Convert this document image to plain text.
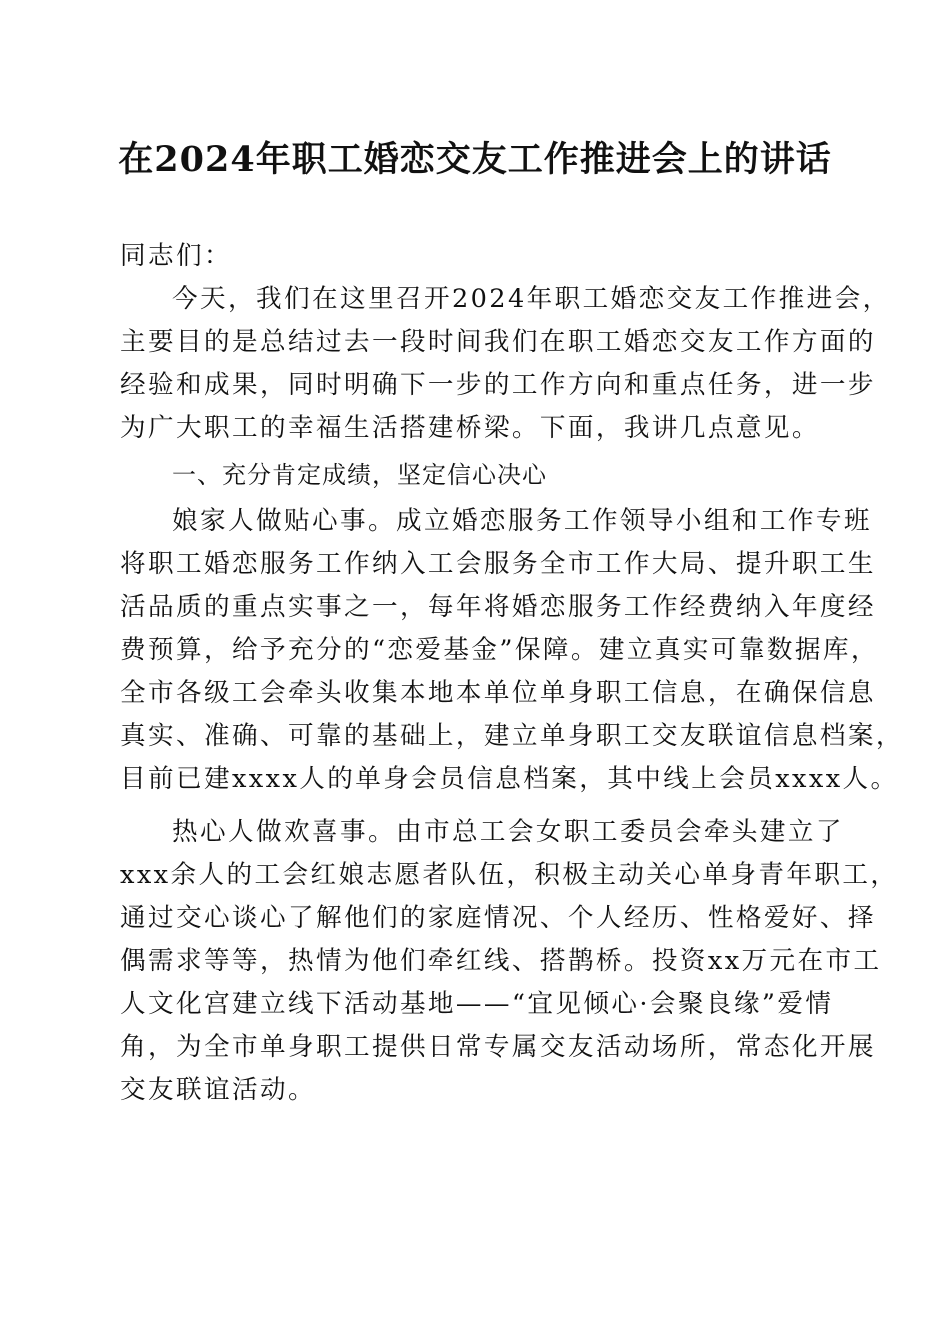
在2024年职工婚恋交友工作推进会上的讲话
同志们：
今天，我们在这里召开2024年职工婚恋交友工作推进会，
主要目的是总结过去一段时间我们在职工婚恋交友工作方面的
经验和成果，同时明确下一步的工作方向和重点任务，进一步
为广大职工的幸福生活搭建桥梁。下面，我讲几点意见。
一、充分肯定成绩，坚定信心决心
娘家人做贴心事。成立婚恋服务工作领导小组和工作专班
将职工婚恋服务工作纳入工会服务全市工作大局、提升职工生
活品质的重点实事之一，每年将婚恋服务工作经费纳入年度经
费预算，给予充分的“恋爱基金”保障。建立真实可靠数据库，
全市各级工会牵头收集本地本单位单身职工信息，在确保信息
真实、准确、可靠的基础上，建立单身职工交友联谊信息档案，
目前已建xxxx人的单身会员信息档案，其中线上会员xxxx人。
热心人做欢喜事。由市总工会女职工委员会牵头建立了
xxx余人的工会红娘志愿者队伍，积极主动关心单身青年职工，
通过交心谈心了解他们的家庭情况、个人经历、性格爱好、择
偶需求等等，热情为他们牵红线、搭鹊桥。投资xx万元在市工
人文化宫建立线下活动基地——“宜见倾心·会聚良缘”爱情
角，为全市单身职工提供日常专属交友活动场所，常态化开展
交友联谊活动。
